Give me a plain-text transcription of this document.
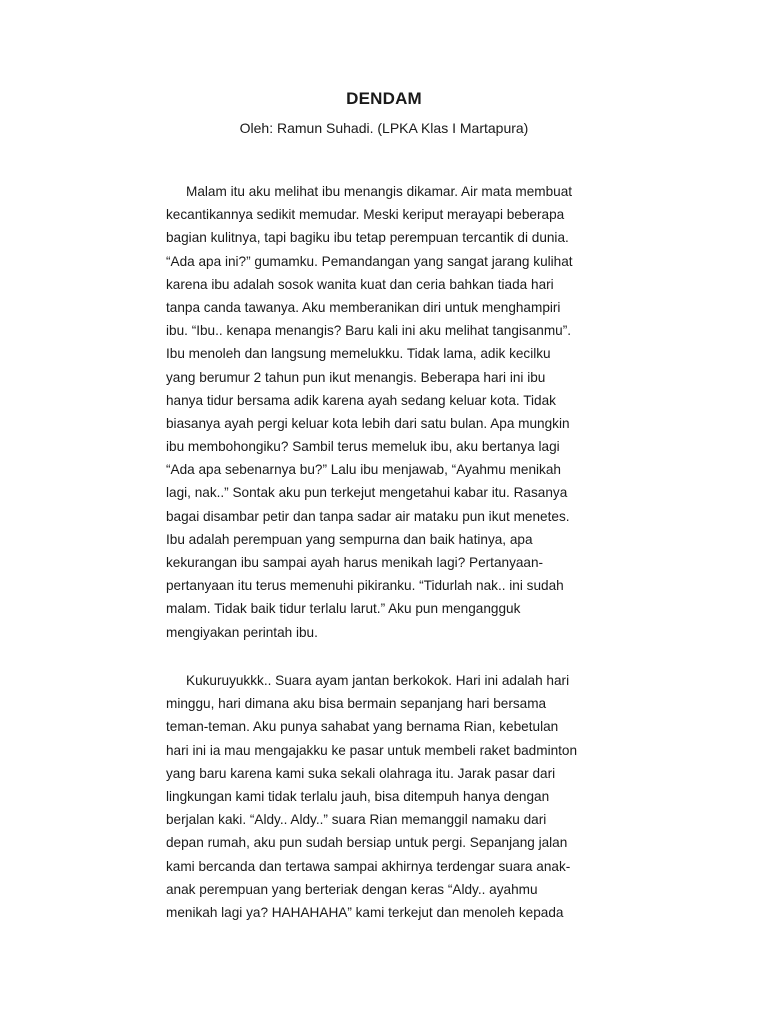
DENDAM

Oleh: Ramun Suhadi. (LPKA Klas I Martapura)

Malam itu aku melihat ibu menangis dikamar. Air mata membuat
kecantikannya sedikit memudar. Meski keriput merayapi beberapa
bagian kulitnya, tapi bagiku ibu tetap perempuan tercantik di dunia.
“Ada apa ini?” gumamku. Pemandangan yang sangat jarang kulihat
karena ibu adalah sosok wanita kuat dan ceria bahkan tiada hari
tanpa canda tawanya. Aku memberanikan diri untuk menghampiri
ibu. “Ibu.. kenapa menangis? Baru kali ini aku melihat tangisanmu”.
Ibu menoleh dan langsung memelukku. Tidak lama, adik kecilku
yang berumur 2 tahun pun ikut menangis. Beberapa hari ini ibu
hanya tidur bersama adik karena ayah sedang keluar kota. Tidak
biasanya ayah pergi keluar kota lebih dari satu bulan. Apa mungkin
ibu membohongiku? Sambil terus memeluk ibu, aku bertanya lagi
“Ada apa sebenarnya bu?” Lalu ibu menjawab, “Ayahmu menikah
lagi, nak..” Sontak aku pun terkejut mengetahui kabar itu. Rasanya
bagai disambar petir dan tanpa sadar air mataku pun ikut menetes.
Ibu adalah perempuan yang sempurna dan baik hatinya, apa
kekurangan ibu sampai ayah harus menikah lagi? Pertanyaan-
pertanyaan itu terus memenuhi pikiranku. “Tidurlah nak.. ini sudah
malam. Tidak baik tidur terlalu larut.” Aku pun mengangguk
mengiyakan perintah ibu.
Kukuruyukkk.. Suara ayam jantan berkokok. Hari ini adalah hari
minggu, hari dimana aku bisa bermain sepanjang hari bersama
teman-teman. Aku punya sahabat yang bernama Rian, kebetulan
hari ini ia mau mengajakku ke pasar untuk membeli raket badminton
yang baru karena kami suka sekali olahraga itu. Jarak pasar dari
lingkungan kami tidak terlalu jauh, bisa ditempuh hanya dengan
berjalan kaki. “Aldy.. Aldy..” suara Rian memanggil namaku dari
depan rumah, aku pun sudah bersiap untuk pergi. Sepanjang jalan
kami bercanda dan tertawa sampai akhirnya terdengar suara anak-
anak perempuan yang berteriak dengan keras “Aldy.. ayahmu
menikah lagi ya? HAHAHAHA” kami terkejut dan menoleh kepada
